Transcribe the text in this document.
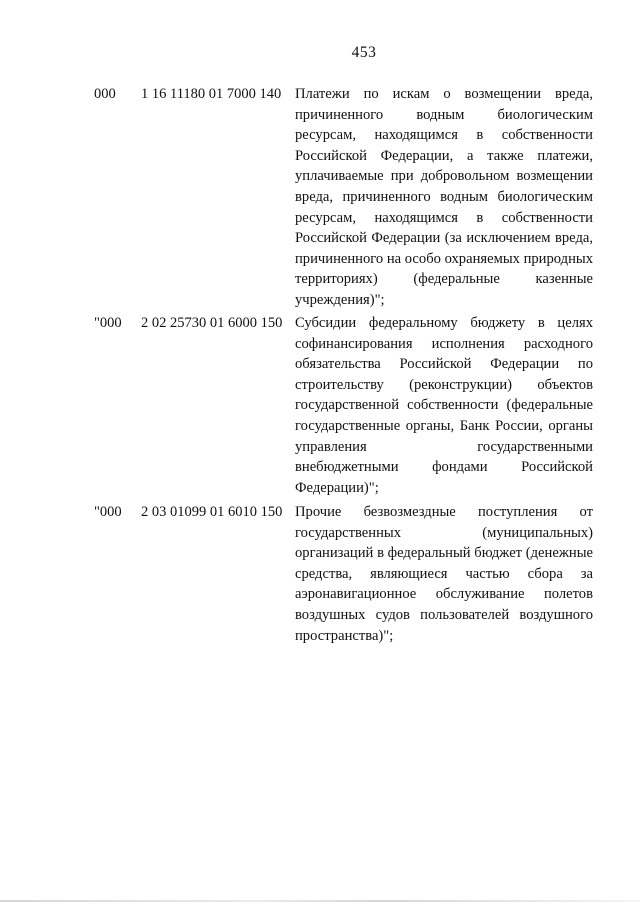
453
000 1 16 11180 01 7000 140 Платежи по искам о возмещении вреда, причиненного водным биологическим ресурсам, находящимся в собственности Российской Федерации, а также платежи, уплачиваемые при добровольном возмещении вреда, причиненного водным биологическим ресурсам, находящимся в собственности Российской Федерации (за исключением вреда, причиненного на особо охраняемых природных территориях) (федеральные казенные учреждения)";
"000 2 02 25730 01 6000 150 Субсидии федеральному бюджету в целях софинансирования исполнения расходного обязательства Российской Федерации по строительству (реконструкции) объектов государственной собственности (федеральные государственные органы, Банк России, органы управления государственными внебюджетными фондами Российской Федерации)";
"000 2 03 01099 01 6010 150 Прочие безвозмездные поступления от государственных (муниципальных) организаций в федеральный бюджет (денежные средства, являющиеся частью сбора за аэронавигационное обслуживание полетов воздушных судов пользователей воздушного пространства)";
